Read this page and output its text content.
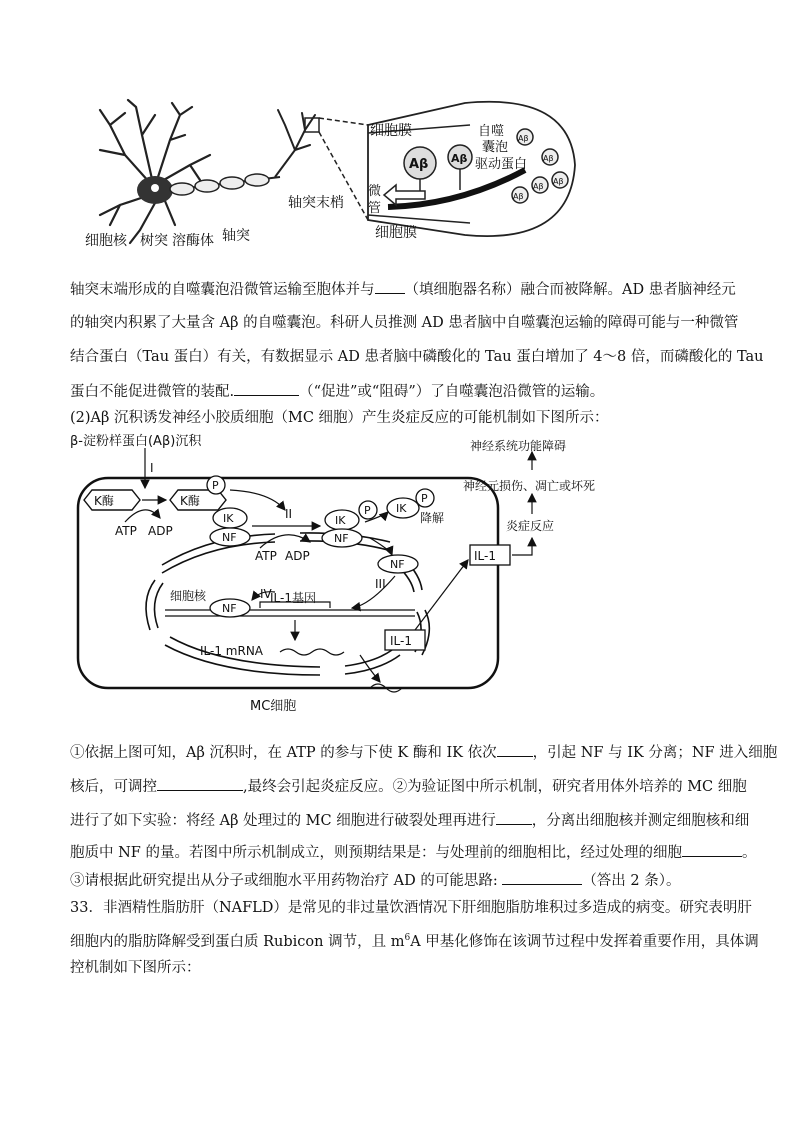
细胞核 树突 溶酶体 轴突
轴突末梢
细胞膜
细胞膜
自噬
囊泡
驱动蛋白
微
管
Aβ Aβ
Aβ
Aβ
Aβ
Aβ
Aβ
轴突末端形成的自噬囊泡沿微管运输至胞体并与 （填细胞器名称）融合而被降解。AD 患者脑神经元
的轴突内积累了大量含 Aβ 的自噬囊泡。科研人员推测 AD 患者脑中自噬囊泡运输的障碍可能与一种微管
结合蛋白（Tau 蛋白）有关，有数据显示 AD 患者脑中磷酸化的 Tau 蛋白增加了 4～8 倍，而磷酸化的 Tau
蛋白不能促进微管的装配.	（“促进”或“阻碍”）了自噬囊泡沿微管的运输。
(2)Aβ 沉积诱发神经小胶质细胞（MC 细胞）产生炎症反应的可能机制如下图所示：
β-淀粉样蛋白(Aβ)沉积
I
II
III
IV
K酶	K酶
P
P
P
ATP ADP
ATP ADP
IK
NF
IK
NF
IK
NF
NF
降解
细胞核	IL-1基因
IL-1 mRNA
IL-1
IL-1
炎症反应
神经元损伤、凋亡或坏死
神经系统功能障碍
MC细胞
①依据上图可知，Aβ 沉积时，在 ATP 的参与下使 K 酶和 IK 依次 ，引起 NF 与 IK 分离；NF 进入细胞
核后，可调控	,最终会引起炎症反应。②为验证图中所示机制，研究者用体外培养的 MC 细胞
进行了如下实验：将经 Aβ 处理过的 MC 细胞进行破裂处理再进行 ，分离出细胞核并测定细胞核和细
胞质中 NF 的量。若图中所示机制成立，则预期结果是：与处理前的细胞相比，经过处理的细胞	。
③请根据此研究提出从分子或细胞水平用药物治疗 AD 的可能思路:	（答出 2 条）。
33．非酒精性脂肪肝（NAFLD）是常见的非过量饮酒情况下肝细胞脂肪堆积过多造成的病变。研究表明肝
细胞内的脂肪降解受到蛋白质 Rubicon 调节，且 $m^6A$ 甲基化修饰在该调节过程中发挥着重要作用，具体调
控机制如下图所示：
